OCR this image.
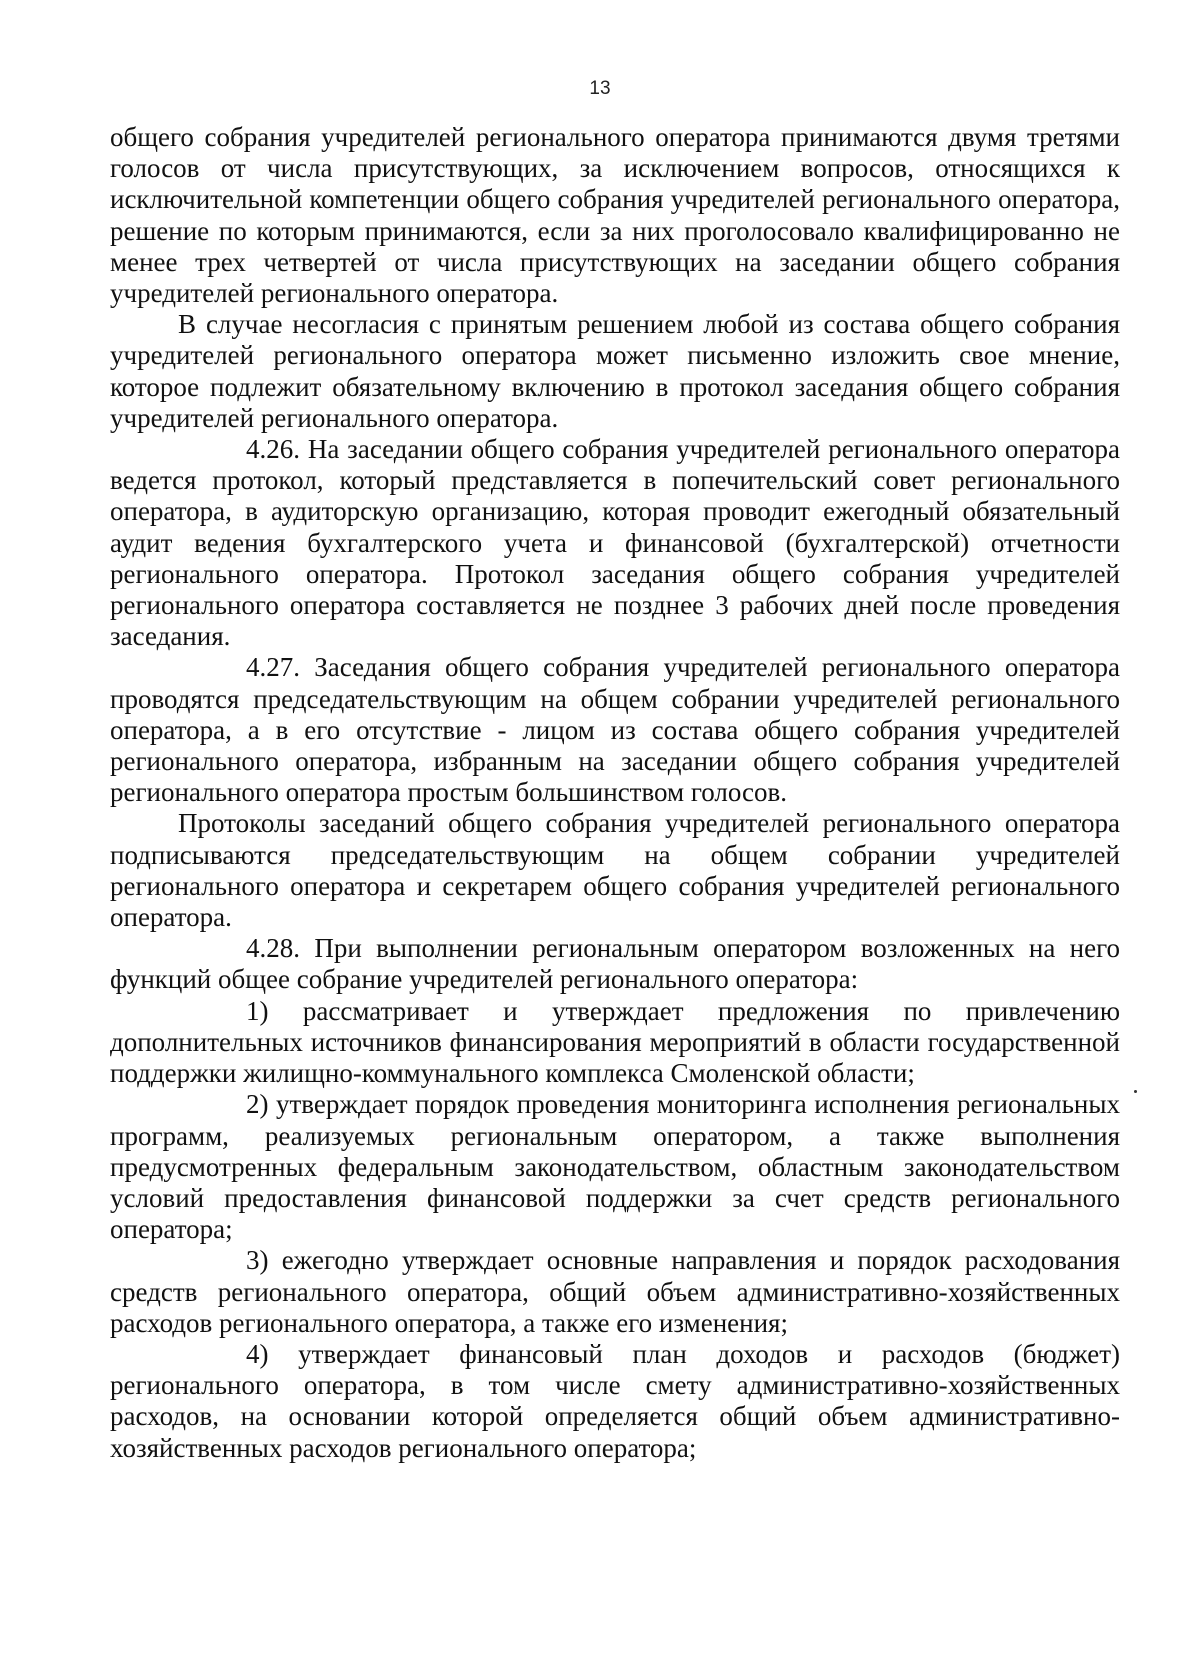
13

общего собрания учредителей регионального оператора принимаются двумя третями голосов от числа присутствующих, за исключением вопросов, относящихся к исключительной компетенции общего собрания учредителей регионального оператора, решение по которым принимаются, если за них проголосовало квалифицированно не менее трех четвертей от числа присутствующих на заседании общего собрания учредителей регионального оператора.

В случае несогласия с принятым решением любой из состава общего собрания учредителей регионального оператора может письменно изложить свое мнение, которое подлежит обязательному включению в протокол заседания общего собрания учредителей регионального оператора.

4.26. На заседании общего собрания учредителей регионального оператора ведется протокол, который представляется в попечительский совет регионального оператора, в аудиторскую организацию, которая проводит ежегодный обязательный аудит ведения бухгалтерского учета и финансовой (бухгалтерской) отчетности регионального оператора. Протокол заседания общего собрания учредителей регионального оператора составляется не позднее 3 рабочих дней после проведения заседания.

4.27. Заседания общего собрания учредителей регионального оператора проводятся председательствующим на общем собрании учредителей регионального оператора, а в его отсутствие - лицом из состава общего собрания учредителей регионального оператора, избранным на заседании общего собрания учредителей регионального оператора простым большинством голосов.

Протоколы заседаний общего собрания учредителей регионального оператора подписываются председательствующим на общем собрании учредителей регионального оператора и секретарем общего собрания учредителей регионального оператора.

4.28. При выполнении региональным оператором возложенных на него функций общее собрание учредителей регионального оператора:

1) рассматривает и утверждает предложения по привлечению дополнительных источников финансирования мероприятий в области государственной поддержки жилищно-коммунального комплекса Смоленской области;

2) утверждает порядок проведения мониторинга исполнения региональных программ, реализуемых региональным оператором, а также выполнения предусмотренных федеральным законодательством, областным законодательством условий предоставления финансовой поддержки за счет средств регионального оператора;

3) ежегодно утверждает основные направления и порядок расходования средств регионального оператора, общий объем административно-хозяйственных расходов регионального оператора, а также его изменения;

4) утверждает финансовый план доходов и расходов (бюджет) регионального оператора, в том числе смету административно-хозяйственных расходов, на основании которой определяется общий объем административно-хозяйственных расходов регионального оператора;
